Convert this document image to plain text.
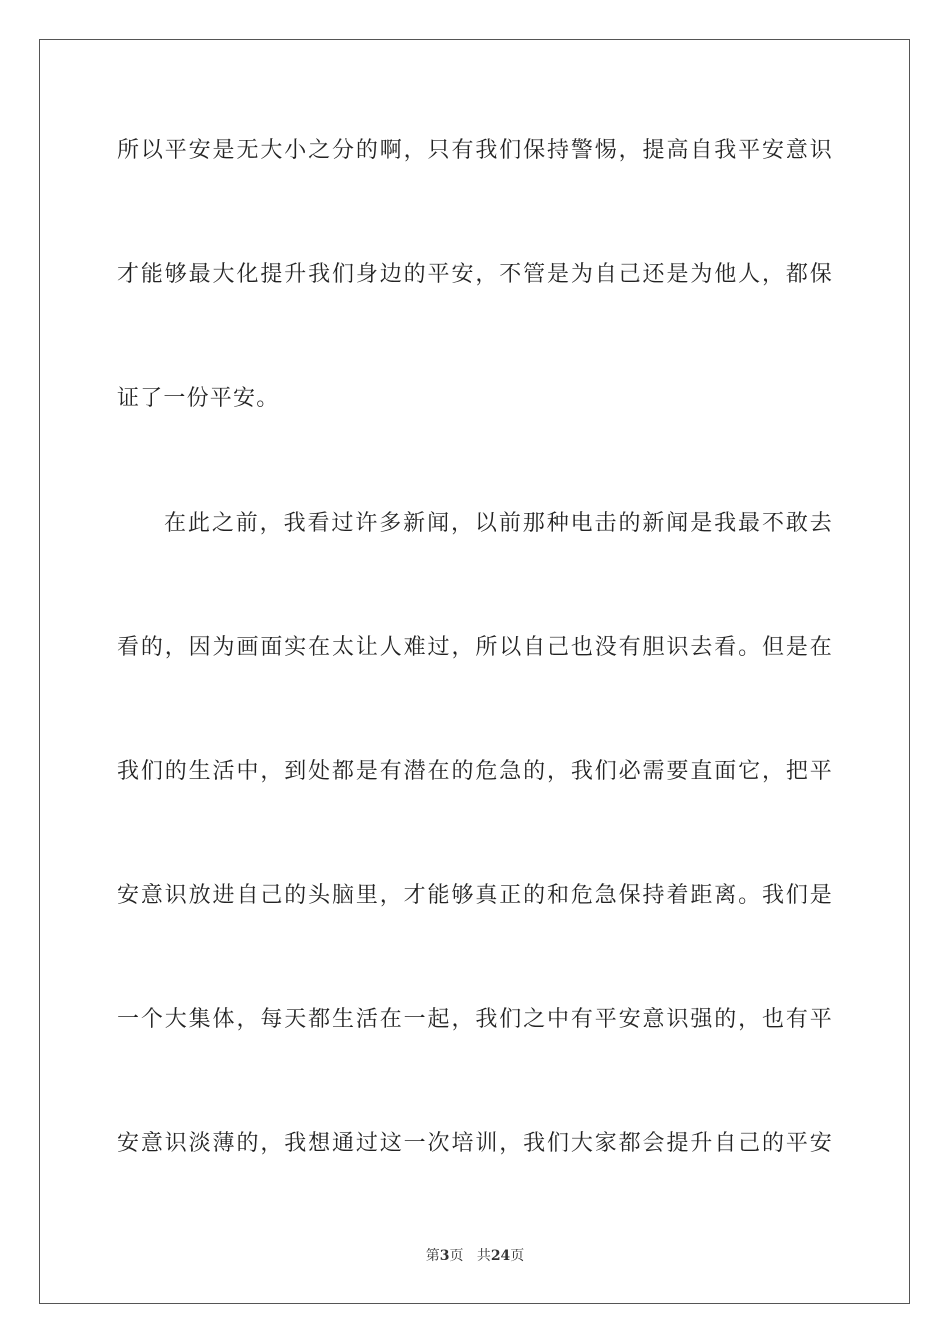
所以平安是无大小之分的啊，只有我们保持警惕，提高自我平安意识
才能够最大化提升我们身边的平安，不管是为自己还是为他人，都保
证了一份平安。
在此之前，我看过许多新闻，以前那种电击的新闻是我最不敢去
看的，因为画面实在太让人难过，所以自己也没有胆识去看。但是在
我们的生活中，到处都是有潜在的危急的，我们必需要直面它，把平
安意识放进自己的头脑里，才能够真正的和危急保持着距离。我们是
一个大集体，每天都生活在一起，我们之中有平安意识强的，也有平
安意识淡薄的，我想通过这一次培训，我们大家都会提升自己的平安
第3页 共24页
